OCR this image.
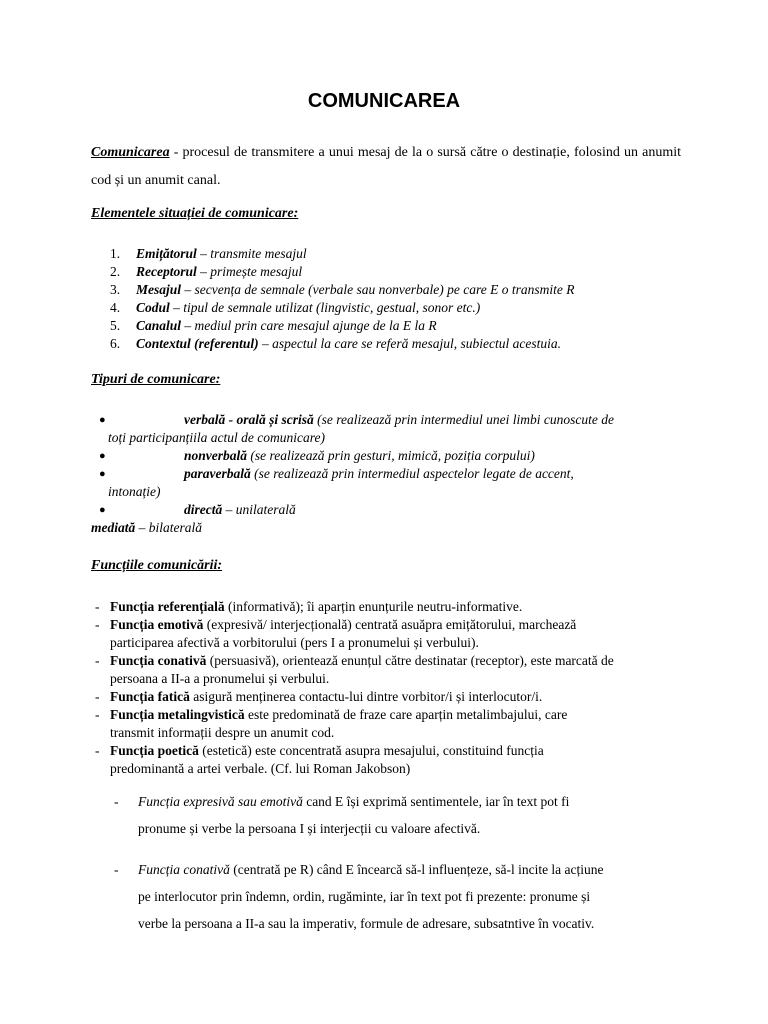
COMUNICAREA
Comunicarea - procesul de transmitere a unui mesaj de la o sursă către o destinație, folosind un anumit cod și un anumit canal.
Elementele situației de comunicare:
1. Emițătorul – transmite mesajul
2. Receptorul – primește mesajul
3. Mesajul – secvența de semnale (verbale sau nonverbale) pe care E o transmite R
4. Codul – tipul de semnale utilizat (lingvistic, gestual, sonor etc.)
5. Canalul – mediul prin care mesajul ajunge de la E la R
6. Contextul (referentul) – aspectul la care se referă mesajul, subiectul acestuia.
Tipuri de comunicare:
●	verbală - orală și scrisă (se realizează prin intermediul unei limbi cunoscute de
toți participanțiila actul de comunicare)
●	nonverbală (se realizează prin gesturi, mimică, poziția corpului)
●	paraverbală (se realizează prin intermediul aspectelor legate de accent,
intonație)
●	directă – unilaterală
mediată – bilaterală
Funcțiile comunicării:
- Funcția referențială (informativă); îi aparțin enunțurile neutru-informative.
- Funcția emotivă (expresivă/ interjecțională) centrată asuăpra emițătorului, marchează
participarea afectivă a vorbitorului (pers I a pronumelui și verbului).
- Funcția conativă (persuasivă), orientează enunțul către destinatar (receptor), este marcată de
persoana a II-a a pronumelui și verbului.
- Funcția fatică asigură menținerea contactu-lui dintre vorbitor/i și interlocutor/i.
- Funcția metalingvistică este predominată de fraze care aparțin metalimbajului, care
transmit informații despre un anumit cod.
- Funcția poetică (estetică) este concentrată asupra mesajului, constituind funcția
predominantă a artei verbale. (Cf. lui Roman Jakobson)
-	Funcția expresivă sau emotivă cand E își exprimă sentimentele, iar în text pot fi
pronume și verbe la persoana I și interjecții cu valoare afectivă.
-	Funcția conativă (centrată pe R) când E încearcă să-l influențeze, să-l incite la acțiune
pe interlocutor prin îndemn, ordin, rugăminte, iar în text pot fi prezente: pronume și
verbe la persoana a II-a sau la imperativ, formule de adresare, subsatntive în vocativ.
